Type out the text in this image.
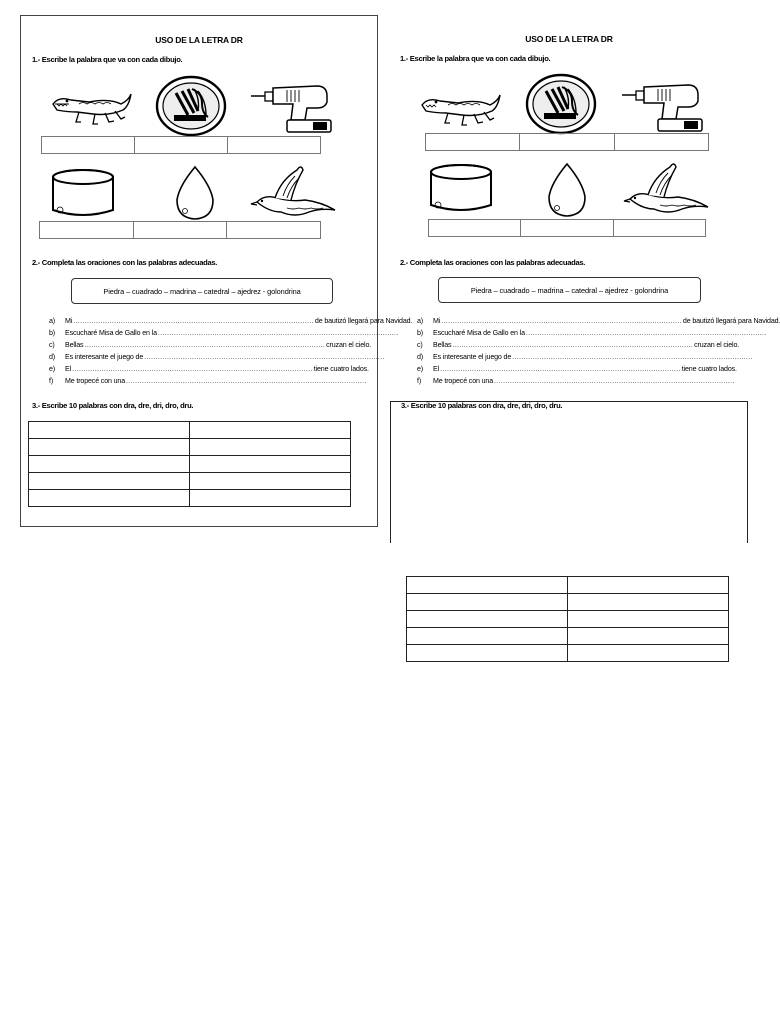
USO DE LA LETRA DR
1.- Escribe la palabra que va con cada dibujo.
2.- Completa las oraciones con las palabras adecuadas.
Piedra – cuadrado – madrina – catedral – ajedrez - golondrina
a)	Mi .......................................................................................................... de bautizó llegará para Navidad.
b)	Escucharé Misa de Gallo en la ..........................................................................................................
c)	Bellas .......................................................................................................... cruzan el cielo.
d)	Es interesante el juego de ..........................................................................................................
e)	El .......................................................................................................... tiene cuatro lados.
f)	Me tropecé con una ..........................................................................................................
3.- Escribe 10 palabras con dra, dre, dri, dro, dru.

USO DE LA LETRA DR
1.- Escribe la palabra que va con cada dibujo.
2.- Completa las oraciones con las palabras adecuadas.
Piedra – cuadrado – madrina – catedral – ajedrez - golondrina
a)	Mi .......................................................................................................... de bautizó llegará para Navidad.
b)	Escucharé Misa de Gallo en la ..........................................................................................................
c)	Bellas .......................................................................................................... cruzan el cielo.
d)	Es interesante el juego de ..........................................................................................................
e)	El .......................................................................................................... tiene cuatro lados.
f)	Me tropecé con una ..........................................................................................................
3.- Escribe 10 palabras con dra, dre, dri, dro, dru.
